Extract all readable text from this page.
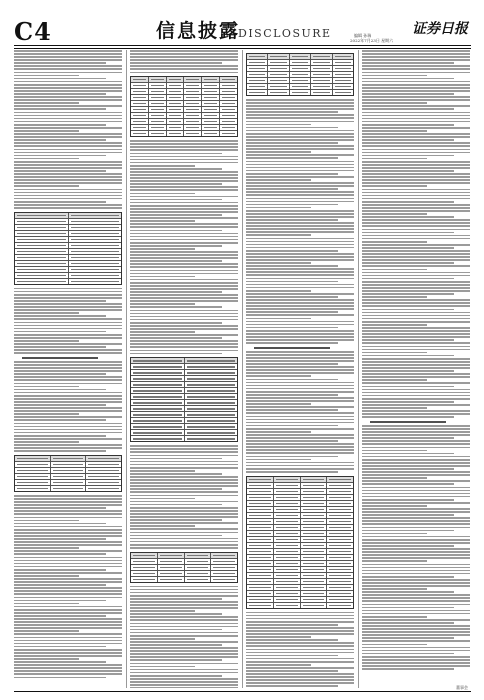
C4	信息披露
DISCLOSURE	证券日报
编辑 孙瑞
2022年7月23日 星期六
董事会
